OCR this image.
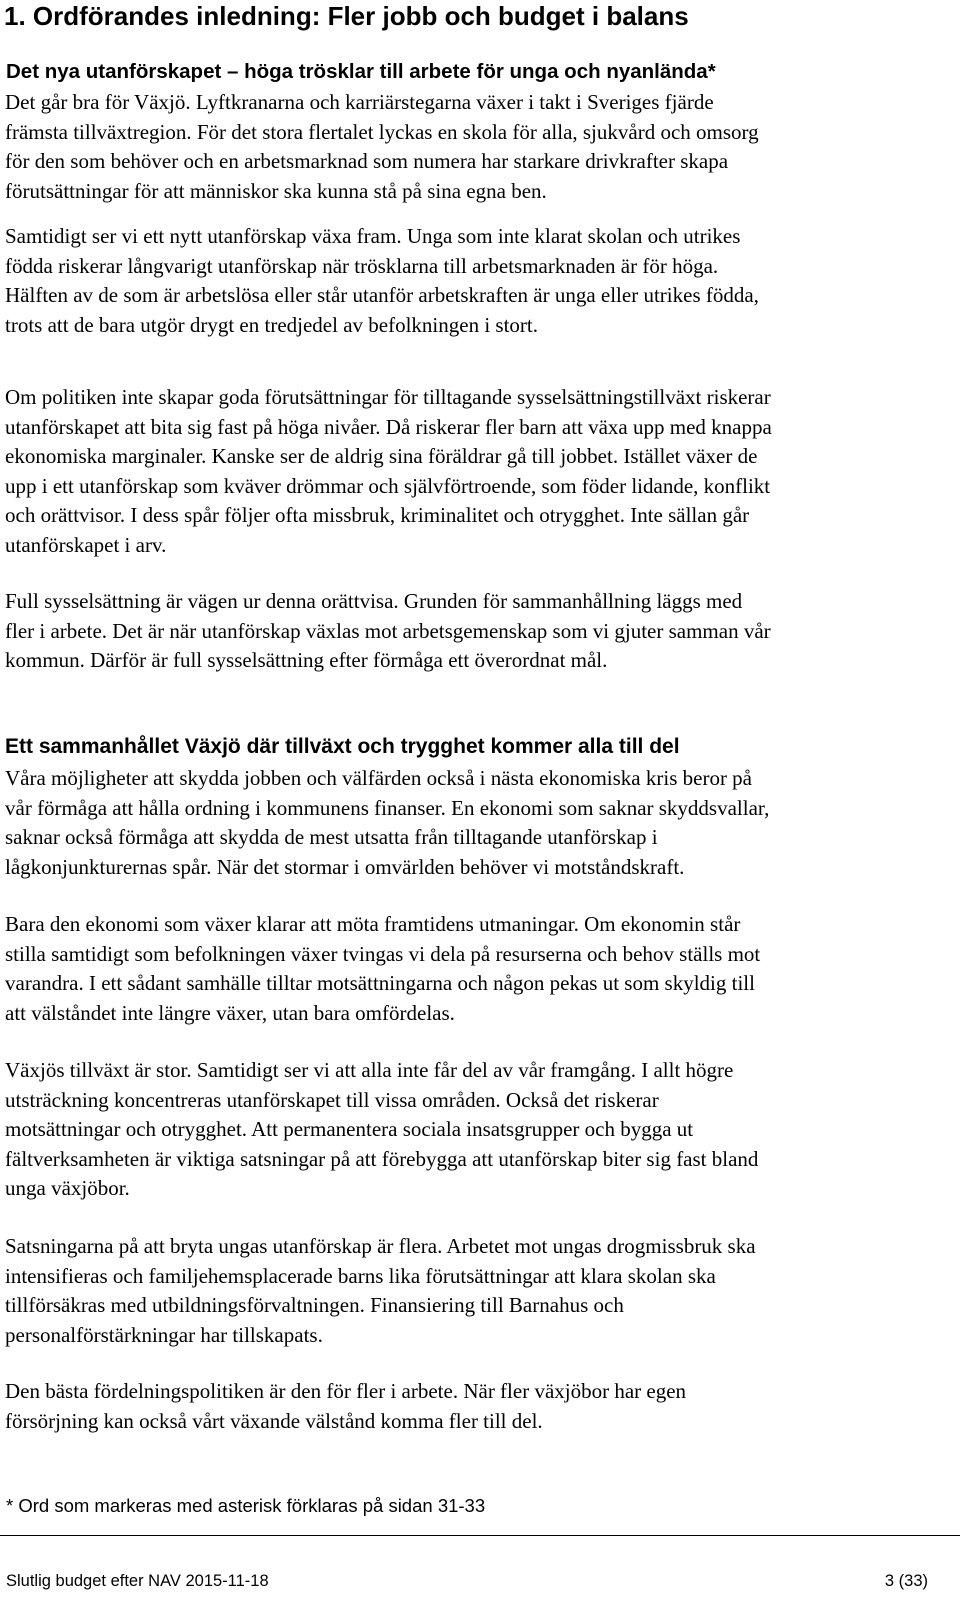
1. Ordförandes inledning: Fler jobb och budget i balans
Det nya utanförskapet – höga trösklar till arbete för unga och nyanlända*

Det går bra för Växjö. Lyftkranarna och karriärstegarna växer i takt i Sveriges fjärde
främsta tillväxtregion. För det stora flertalet lyckas en skola för alla, sjukvård och omsorg
för den som behöver och en arbetsmarknad som numera har starkare drivkrafter skapa
förutsättningar för att människor ska kunna stå på sina egna ben.

Samtidigt ser vi ett nytt utanförskap växa fram. Unga som inte klarat skolan och utrikes
födda riskerar långvarigt utanförskap när trösklarna till arbetsmarknaden är för höga.
Hälften av de som är arbetslösa eller står utanför arbetskraften är unga eller utrikes födda,
trots att de bara utgör drygt en tredjedel av befolkningen i stort.

Om politiken inte skapar goda förutsättningar för tilltagande sysselsättningstillväxt riskerar
utanförskapet att bita sig fast på höga nivåer. Då riskerar fler barn att växa upp med knappa
ekonomiska marginaler. Kanske ser de aldrig sina föräldrar gå till jobbet. Istället växer de
upp i ett utanförskap som kväver drömmar och självförtroende, som föder lidande, konflikt
och orättvisor. I dess spår följer ofta missbruk, kriminalitet och otrygghet. Inte sällan går
utanförskapet i arv.

Full sysselsättning är vägen ur denna orättvisa. Grunden för sammanhållning läggs med
fler i arbete. Det är när utanförskap växlas mot arbetsgemenskap som vi gjuter samman vår
kommun. Därför är full sysselsättning efter förmåga ett överordnat mål.

Ett sammanhållet Växjö där tillväxt och trygghet kommer alla till del

Våra möjligheter att skydda jobben och välfärden också i nästa ekonomiska kris beror på
vår förmåga att hålla ordning i kommunens finanser. En ekonomi som saknar skyddsvallar,
saknar också förmåga att skydda de mest utsatta från tilltagande utanförskap i
lågkonjunkturernas spår. När det stormar i omvärlden behöver vi motståndskraft.

Bara den ekonomi som växer klarar att möta framtidens utmaningar. Om ekonomin står
stilla samtidigt som befolkningen växer tvingas vi dela på resurserna och behov ställs mot
varandra. I ett sådant samhälle tilltar motsättningarna och någon pekas ut som skyldig till
att välståndet inte längre växer, utan bara omfördelas.

Växjös tillväxt är stor. Samtidigt ser vi att alla inte får del av vår framgång. I allt högre
utsträckning koncentreras utanförskapet till vissa områden. Också det riskerar
motsättningar och otrygghet. Att permanentera sociala insatsgrupper och bygga ut
fältverksamheten är viktiga satsningar på att förebygga att utanförskap biter sig fast bland
unga växjöbor.

Satsningarna på att bryta ungas utanförskap är flera. Arbetet mot ungas drogmissbruk ska
intensifieras och familjehemsplacerade barns lika förutsättningar att klara skolan ska
tillförsäkras med utbildningsförvaltningen. Finansiering till Barnahus och
personalförstärkningar har tillskapats.

Den bästa fördelningspolitiken är den för fler i arbete. När fler växjöbor har egen
försörjning kan också vårt växande välstånd komma fler till del.

* Ord som markeras med asterisk förklaras på sidan 31-33

Slutlig budget efter NAV 2015-11-18	3 (33)
